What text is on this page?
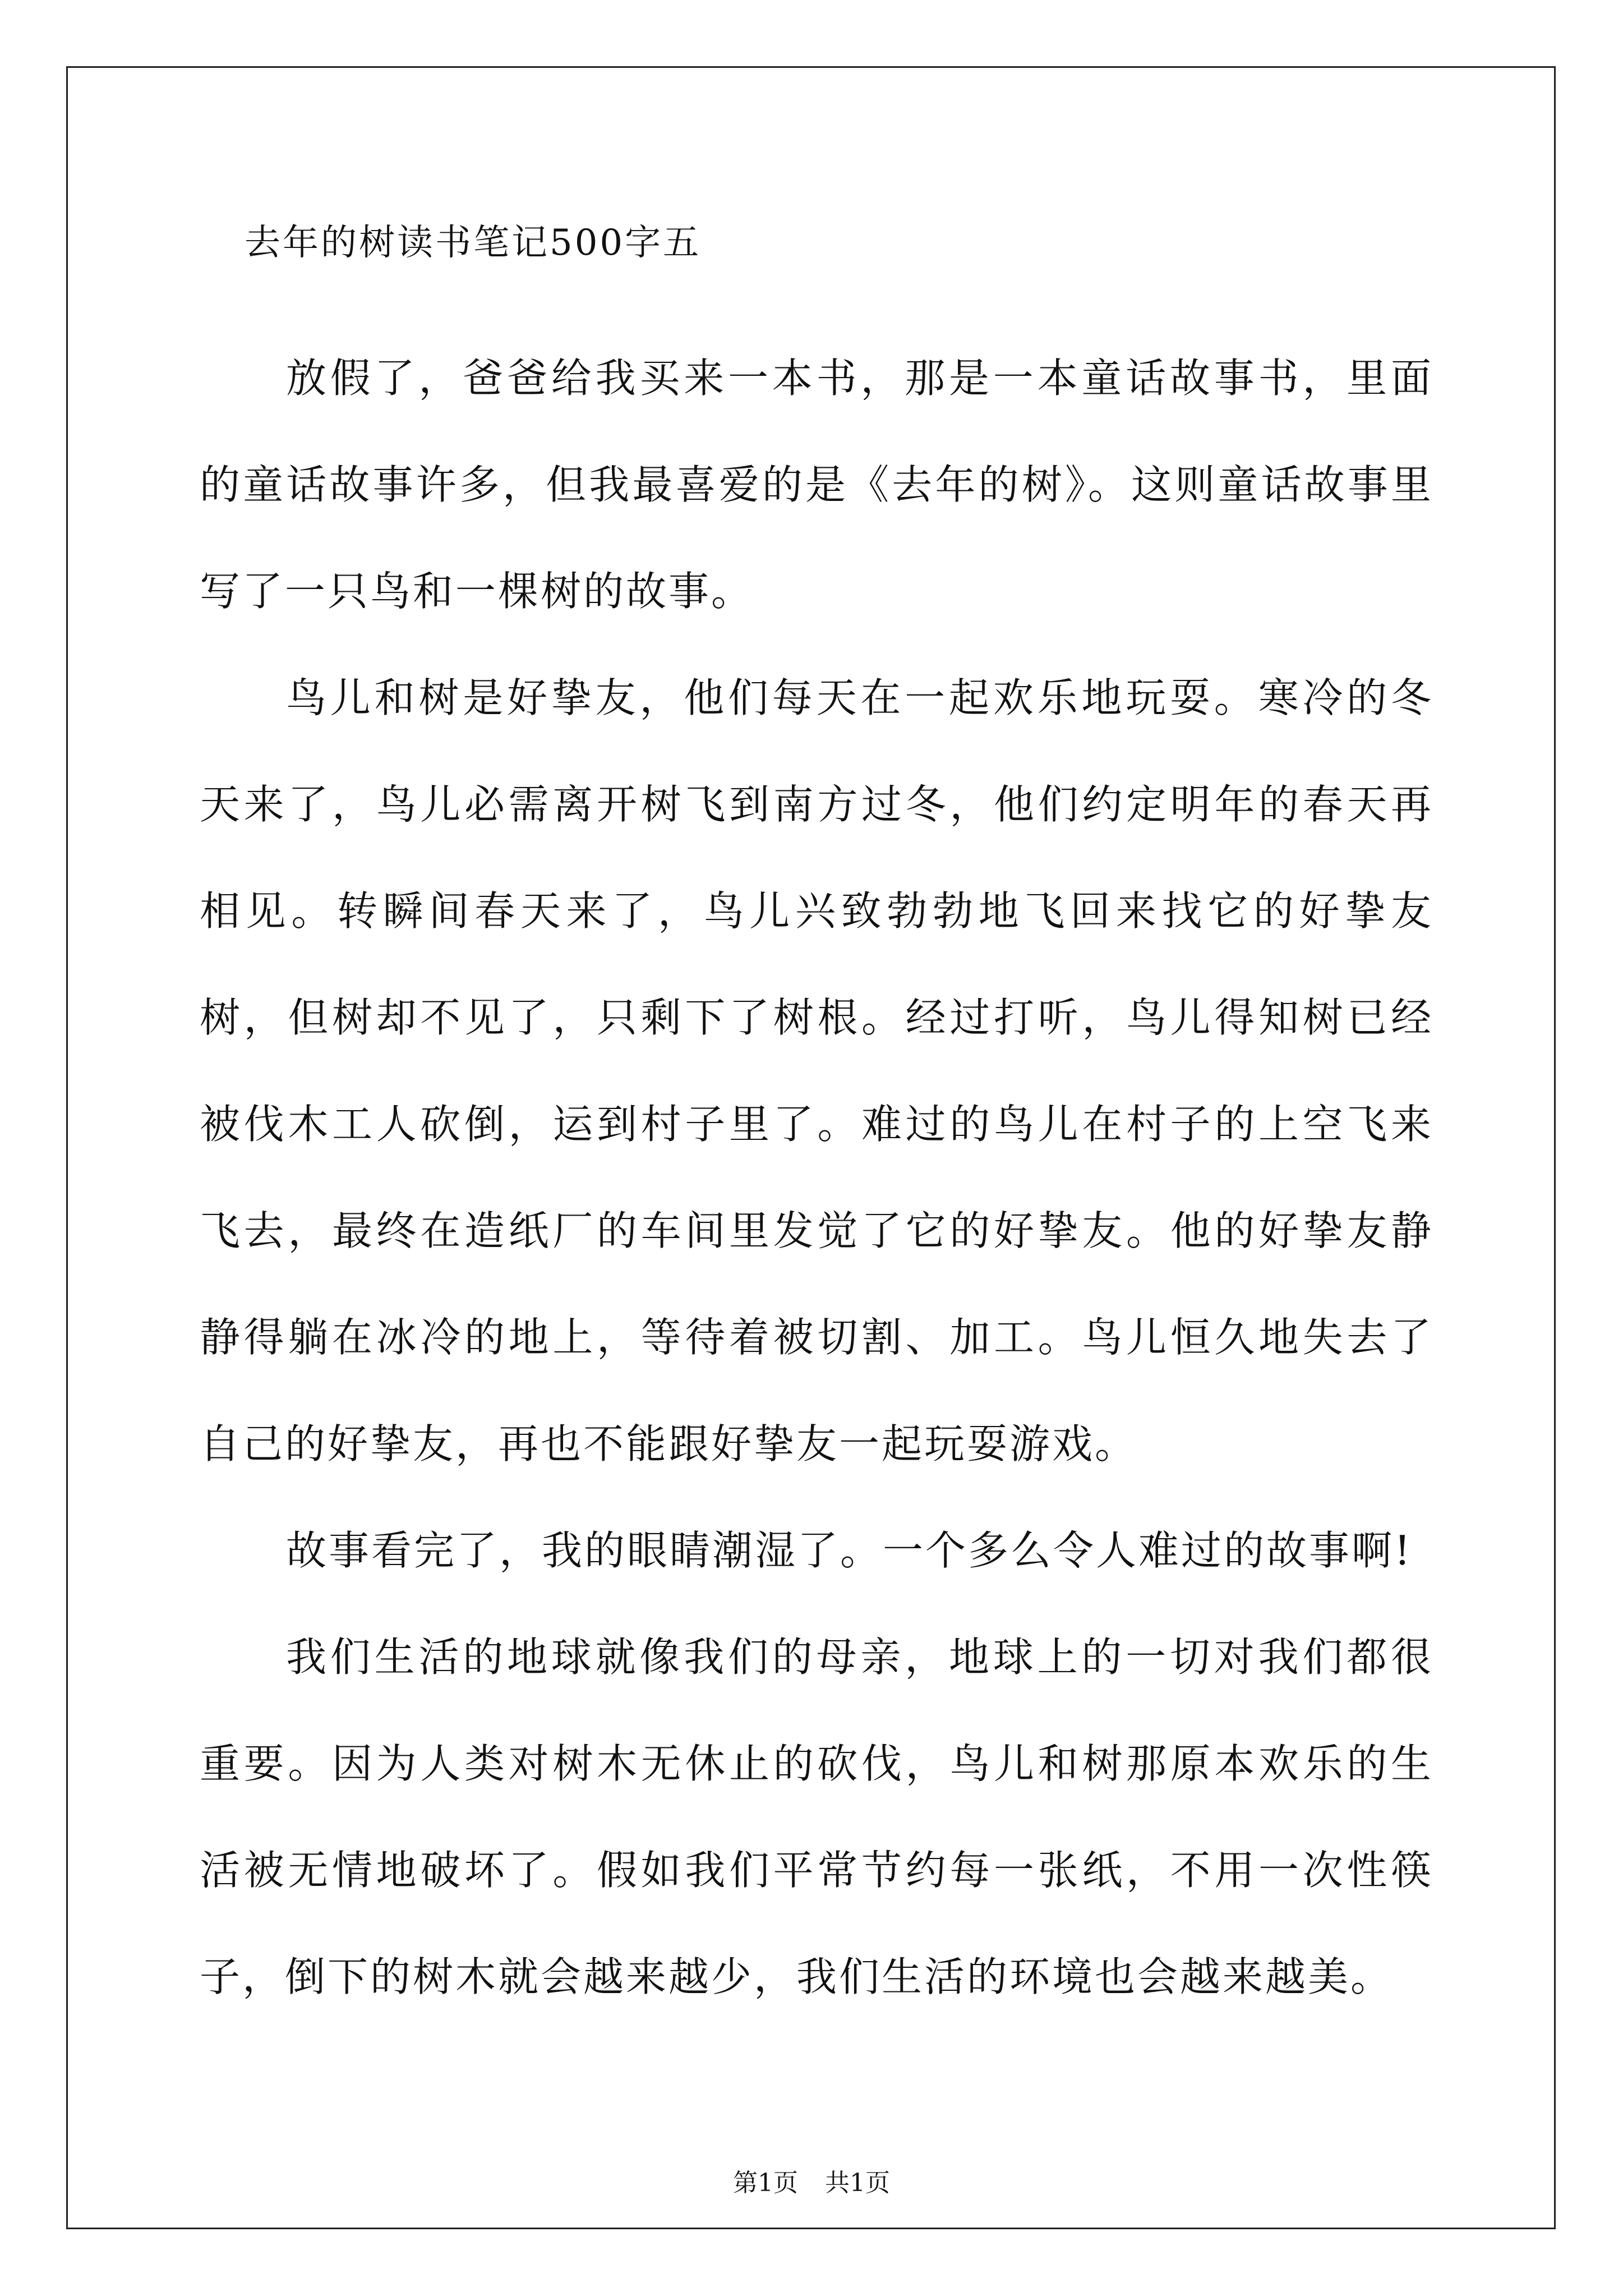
去年的树读书笔记500字五

放假了，爸爸给我买来一本书，那是一本童话故事书，里面的童话故事许多，但我最喜爱的是《去年的树》。这则童话故事里写了一只鸟和一棵树的故事。

鸟儿和树是好挚友，他们每天在一起欢乐地玩耍。寒冷的冬天来了，鸟儿必需离开树飞到南方过冬，他们约定明年的春天再相见。转瞬间春天来了，鸟儿兴致勃勃地飞回来找它的好挚友树，但树却不见了，只剩下了树根。经过打听，鸟儿得知树已经被伐木工人砍倒，运到村子里了。难过的鸟儿在村子的上空飞来飞去，最终在造纸厂的车间里发觉了它的好挚友。他的好挚友静静得躺在冰冷的地上，等待着被切割、加工。鸟儿恒久地失去了自己的好挚友，再也不能跟好挚友一起玩耍游戏。

故事看完了，我的眼睛潮湿了。一个多么令人难过的故事啊!

我们生活的地球就像我们的母亲，地球上的一切对我们都很重要。因为人类对树木无休止的砍伐，鸟儿和树那原本欢乐的生活被无情地破坏了。假如我们平常节约每一张纸，不用一次性筷子，倒下的树木就会越来越少，我们生活的环境也会越来越美。

第1页 共1页
